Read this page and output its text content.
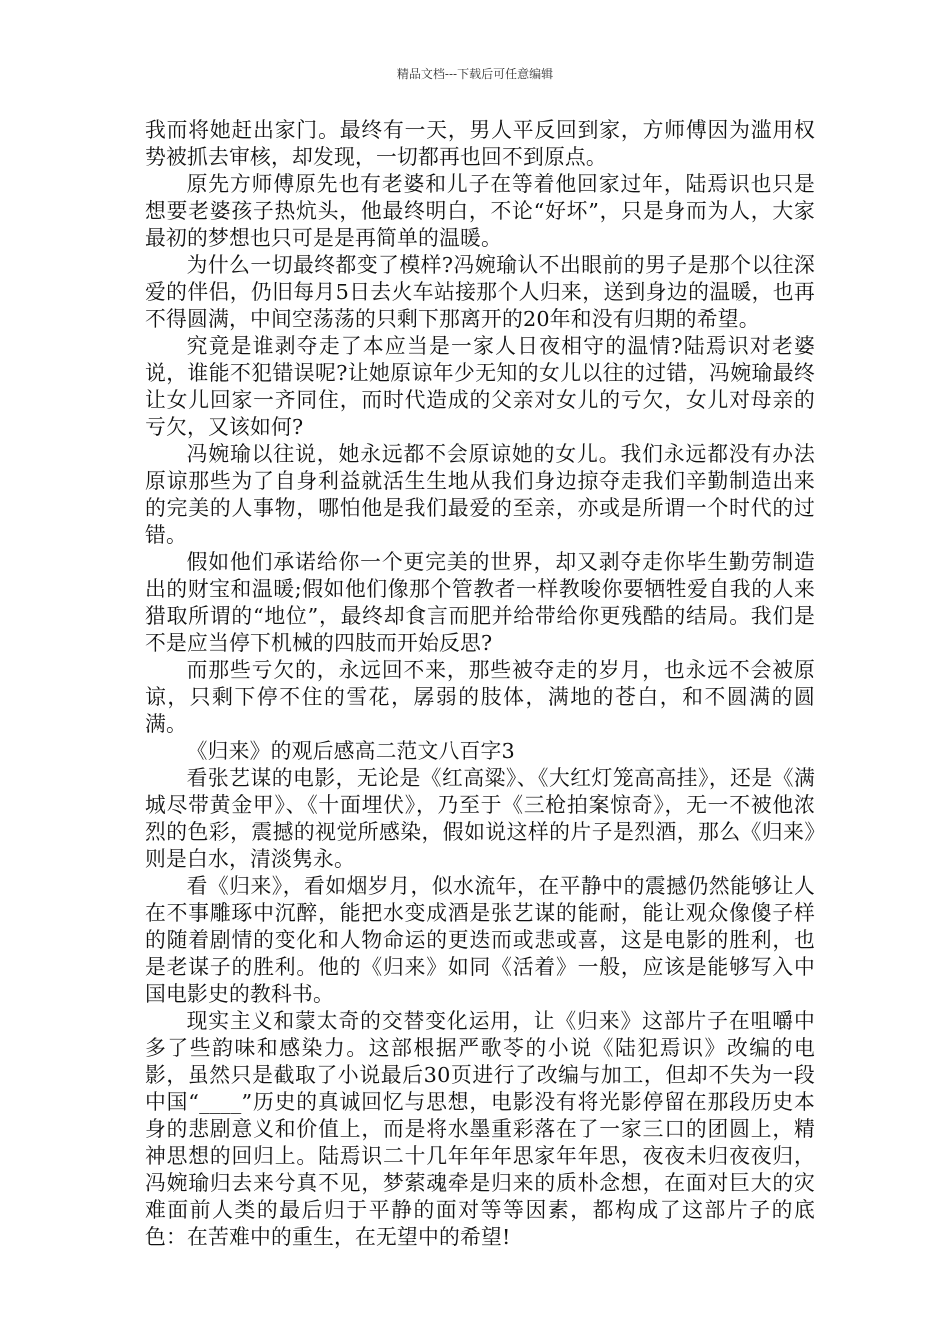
精品文档---下载后可任意编辑

我而将她赶出家门。最终有一天，男人平反回到家，方师傅因为滥用权势被抓去审核，却发现，一切都再也回不到原点。

原先方师傅原先也有老婆和儿子在等着他回家过年，陆焉识也只是想要老婆孩子热炕头，他最终明白，不论“好坏”，只是身而为人，大家最初的梦想也只可是是再简单的温暖。

为什么一切最终都变了模样?冯婉瑜认不出眼前的男子是那个以往深爱的伴侣，仍旧每月5日去火车站接那个人归来，送到身边的温暖，也再不得圆满，中间空荡荡的只剩下那离开的20年和没有归期的希望。

究竟是谁剥夺走了本应当是一家人日夜相守的温情?陆焉识对老婆说，谁能不犯错误呢?让她原谅年少无知的女儿以往的过错，冯婉瑜最终让女儿回家一齐同住，而时代造成的父亲对女儿的亏欠，女儿对母亲的亏欠，又该如何?

冯婉瑜以往说，她永远都不会原谅她的女儿。我们永远都没有办法原谅那些为了自身利益就活生生地从我们身边掠夺走我们辛勤制造出来的完美的人事物，哪怕他是我们最爱的至亲，亦或是所谓一个时代的过错。

假如他们承诺给你一个更完美的世界，却又剥夺走你毕生勤劳制造出的财宝和温暖;假如他们像那个管教者一样教唆你要牺牲爱自我的人来猎取所谓的“地位”，最终却食言而肥并给带给你更残酷的结局。我们是不是应当停下机械的四肢而开始反思?

而那些亏欠的，永远回不来，那些被夺走的岁月，也永远不会被原谅，只剩下停不住的雪花，孱弱的肢体，满地的苍白，和不圆满的圆满。

《归来》的观后感高二范文八百字3

看张艺谋的电影，无论是《红高粱》、《大红灯笼高高挂》，还是《满城尽带黄金甲》、《十面埋伏》，乃至于《三枪拍案惊奇》，无一不被他浓烈的色彩，震撼的视觉所感染，假如说这样的片子是烈酒，那么《归来》则是白水，清淡隽永。

看《归来》，看如烟岁月，似水流年，在平静中的震撼仍然能够让人在不事雕琢中沉醉，能把水变成酒是张艺谋的能耐，能让观众像傻子样的随着剧情的变化和人物命运的更迭而或悲或喜，这是电影的胜利，也是老谋子的胜利。他的《归来》如同《活着》一般，应该是能够写入中国电影史的教科书。

现实主义和蒙太奇的交替变化运用，让《归来》这部片子在咀嚼中多了些韵味和感染力。这部根据严歌苓的小说《陆犯焉识》改编的电影，虽然只是截取了小说最后30页进行了改编与加工，但却不失为一段中国“____”历史的真诚回忆与思想，电影没有将光影停留在那段历史本身的悲剧意义和价值上，而是将水墨重彩落在了一家三口的团圆上，精神思想的回归上。陆焉识二十几年年年思家年年思，夜夜未归夜夜归，冯婉瑜归去来兮真不见，梦萦魂牵是归来的质朴念想，在面对巨大的灾难面前人类的最后归于平静的面对等等因素，都构成了这部片子的底色：在苦难中的重生，在无望中的希望!
